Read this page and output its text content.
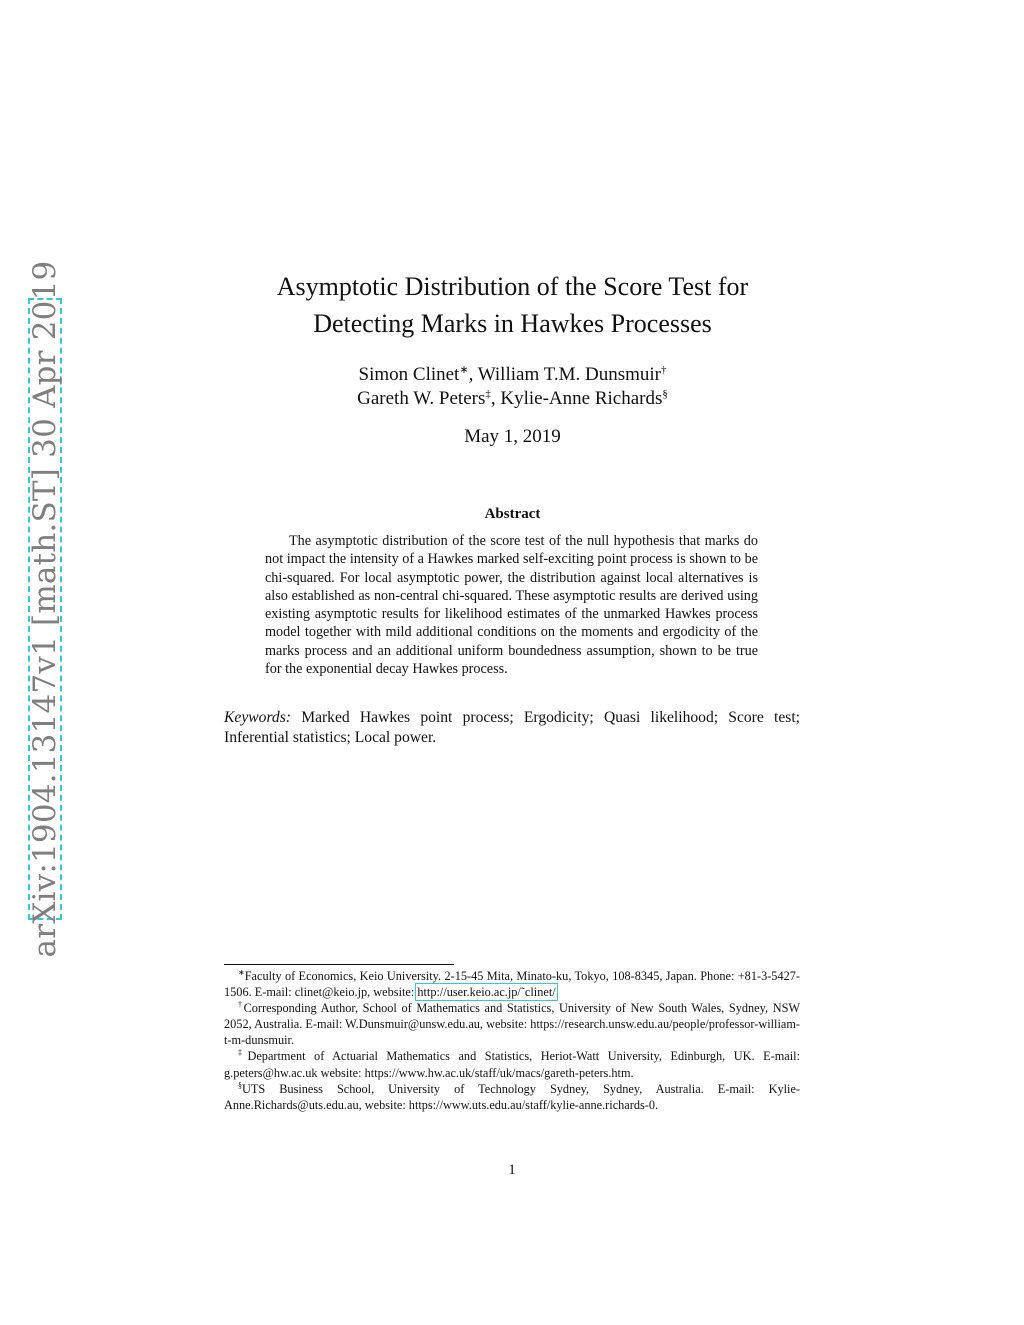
arXiv:1904.13147v1 [math.ST] 30 Apr 2019	Asymptotic Distribution of the Score Test for
Detecting Marks in Hawkes Processes
Simon Clinet∗, William T.M. Dunsmuir†
Gareth W. Peters‡, Kylie-Anne Richards§
May 1, 2019
Abstract
The asymptotic distribution of the score test of the null hypothesis that marks do not impact the intensity of a Hawkes marked self-exciting point process is shown to be chi-squared. For local asymptotic power, the distribution against local alternatives is also established as non-central chi-squared. These asymptotic results are derived using existing asymptotic results for likelihood estimates of the unmarked Hawkes process model together with mild additional conditions on the moments and ergodicity of the marks process and an additional uniform boundedness assumption, shown to be true for the exponential decay Hawkes process.
Keywords: Marked Hawkes point process; Ergodicity; Quasi likelihood; Score test; Inferential statistics; Local power.

∗Faculty of Economics, Keio University. 2-15-45 Mita, Minato-ku, Tokyo, 108-8345, Japan. Phone: +81-3-5427-1506. E-mail: clinet@keio.jp, website: http://user.keio.ac.jp/˜clinet/

†Corresponding Author, School of Mathematics and Statistics, University of New South Wales, Sydney, NSW 2052, Australia. E-mail: W.Dunsmuir@unsw.edu.au, website: https://research.unsw.edu.au/people/professor-william-t-m-dunsmuir.

‡Department of Actuarial Mathematics and Statistics, Heriot-Watt University, Edinburgh, UK. E-mail: g.peters@hw.ac.uk website: https://www.hw.ac.uk/staff/uk/macs/gareth-peters.htm.

§UTS Business School, University of Technology Sydney, Sydney, Australia. E-mail: Kylie-Anne.Richards@uts.edu.au, website: https://www.uts.edu.au/staff/kylie-anne.richards-0.

1
